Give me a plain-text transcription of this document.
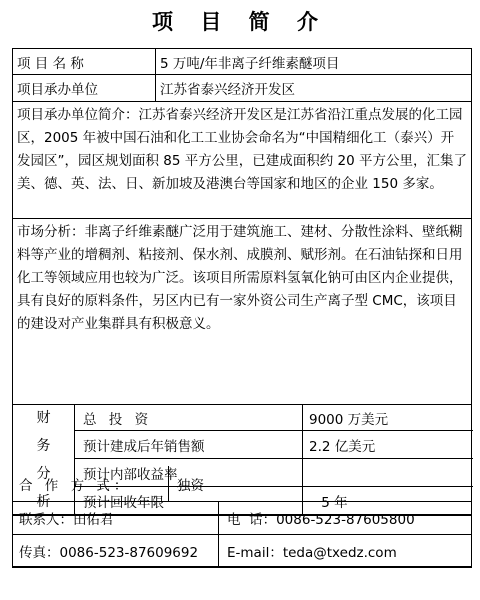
项 目 简 介
项 目 名 称	5 万吨/年非离子纤维素醚项目
项目承办单位	江苏省泰兴经济开发区
项目承办单位简介：江苏省泰兴经济开发区是江苏省沿江重点发展的化工园区，2005 年被中国石油和化工工业协会命名为“中国精细化工（泰兴）开发园区”，园区规划面积 85 平方公里，已建成面积约 20 平方公里，汇集了美、德、英、法、日、新加坡及港澳台等国家和地区的企业 150 多家。
市场分析：非离子纤维素醚广泛用于建筑施工、建材、分散性涂料、壁纸糊料等产业的增稠剂、粘接剂、保水剂、成膜剂、赋形剂。在石油钻探和日用化工等领域应用也较为广泛。该项目所需原料氢氧化钠可由区内企业提供，具有良好的原料条件，另区内已有一家外资公司生产离子型 CMC，该项目的建设对产业集群具有积极意义。
财
务
分
析
总 投 资	9000 万美元
预计建成后年销售额	2.2 亿美元
预计内部收益率
预计回收年限	5 年
合 作 方 式：	独资
联系人：田佑君	电  话：0086-523-87605800
传真：0086-523-87609692	E-mail：teda@txedz.com
